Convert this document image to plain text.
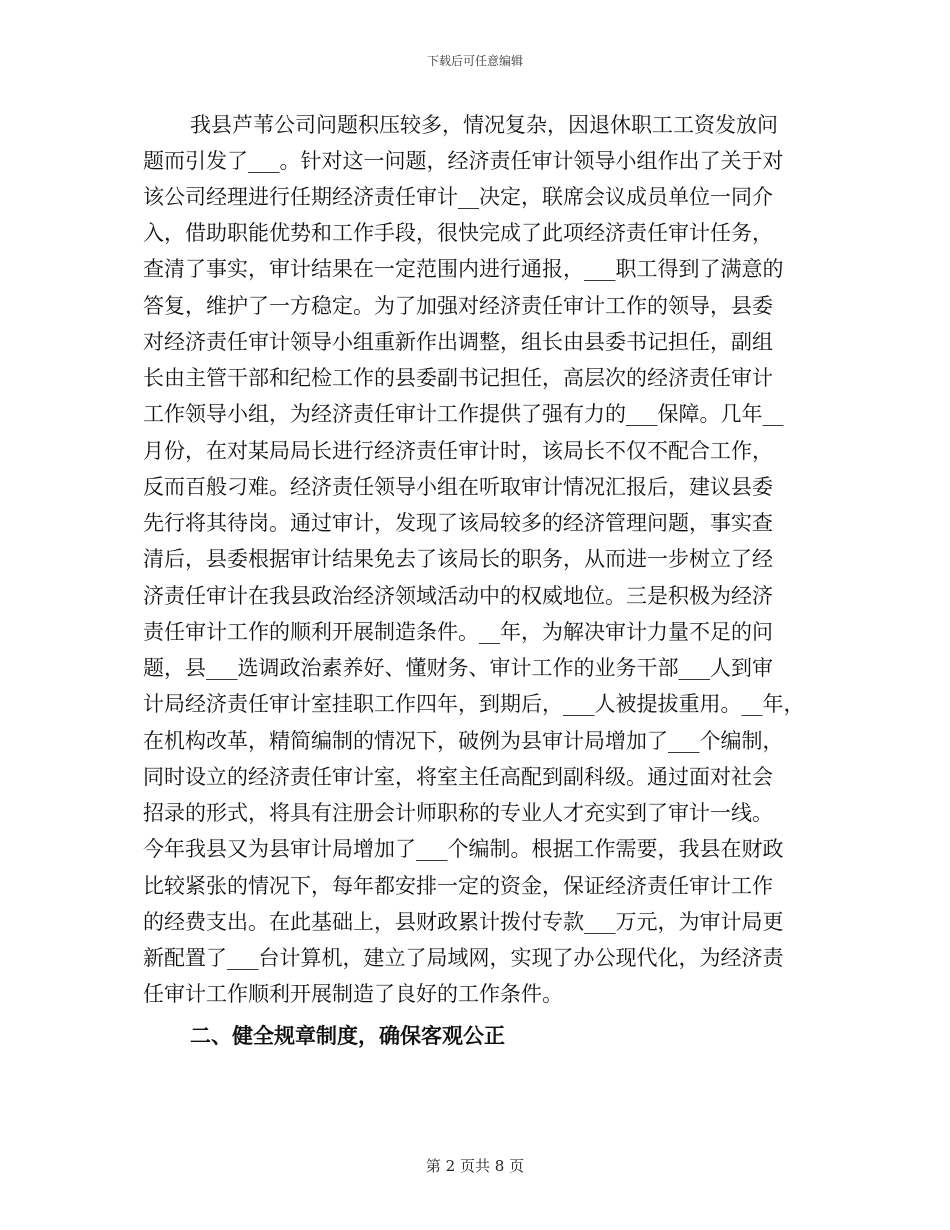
下载后可任意编辑
我县芦苇公司问题积压较多，情况复杂，因退休职工工资发放问
题而引发了___。针对这一问题，经济责任审计领导小组作出了关于对
该公司经理进行任期经济责任审计__决定，联席会议成员单位一同介
入，借助职能优势和工作手段，很快完成了此项经济责任审计任务，
查清了事实，审计结果在一定范围内进行通报，___职工得到了满意的
答复，维护了一方稳定。为了加强对经济责任审计工作的领导，县委
对经济责任审计领导小组重新作出调整，组长由县委书记担任，副组
长由主管干部和纪检工作的县委副书记担任，高层次的经济责任审计
工作领导小组，为经济责任审计工作提供了强有力的___保障。几年__
月份，在对某局局长进行经济责任审计时，该局长不仅不配合工作，
反而百般刁难。经济责任领导小组在听取审计情况汇报后，建议县委
先行将其待岗。通过审计，发现了该局较多的经济管理问题，事实查
清后，县委根据审计结果免去了该局长的职务，从而进一步树立了经
济责任审计在我县政治经济领域活动中的权威地位。三是积极为经济
责任审计工作的顺利开展制造条件。__年，为解决审计力量不足的问
题，县___选调政治素养好、懂财务、审计工作的业务干部___人到审
计局经济责任审计室挂职工作四年，到期后，___人被提拔重用。__年，
在机构改革，精简编制的情况下，破例为县审计局增加了___个编制，
同时设立的经济责任审计室，将室主任高配到副科级。通过面对社会
招录的形式，将具有注册会计师职称的专业人才充实到了审计一线。
今年我县又为县审计局增加了___个编制。根据工作需要，我县在财政
比较紧张的情况下，每年都安排一定的资金，保证经济责任审计工作
的经费支出。在此基础上，县财政累计拨付专款___万元，为审计局更
新配置了___台计算机，建立了局域网，实现了办公现代化，为经济责
任审计工作顺利开展制造了良好的工作条件。
二、健全规章制度，确保客观公正
第 2 页共 8 页
